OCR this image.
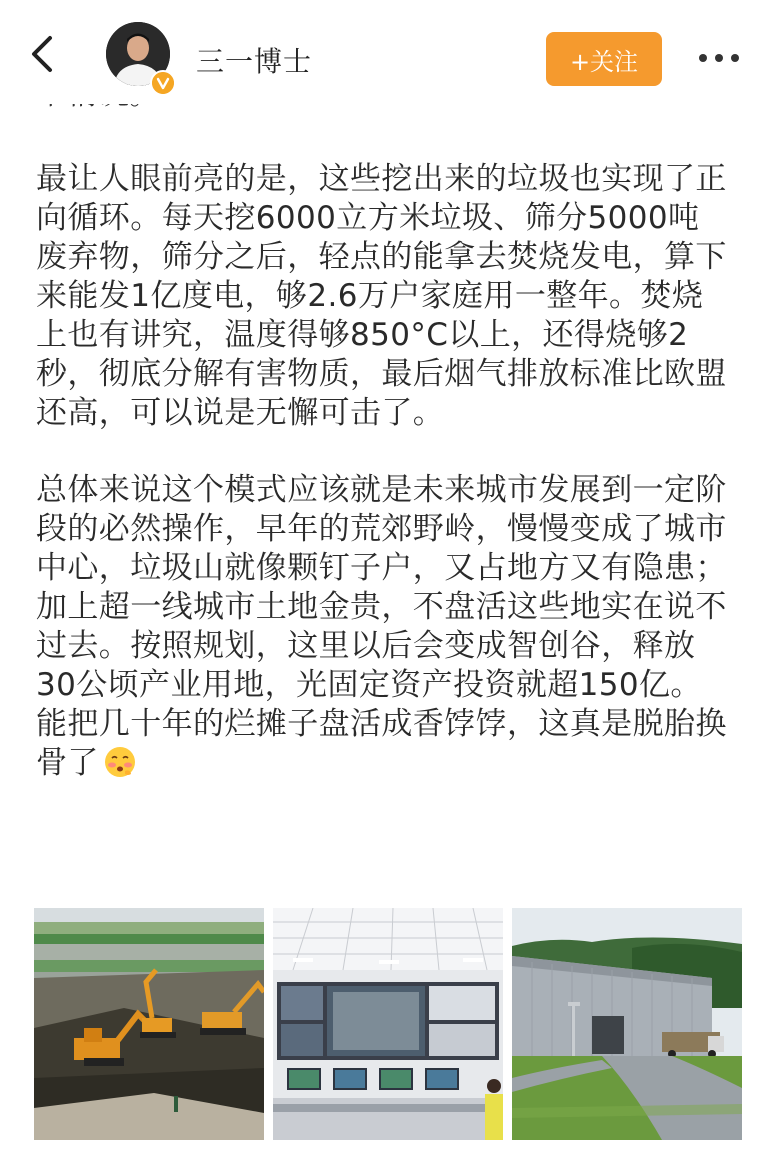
三一博士	+关注

最让人眼前亮的是，这些挖出来的垃圾也实现了正
向循环。每天挖6000立方米垃圾、筛分5000吨
废弃物，筛分之后，轻点的能拿去焚烧发电，算下
来能发1亿度电，够2.6万户家庭用一整年。焚烧
上也有讲究，温度得够850°C以上，还得烧够2
秒，彻底分解有害物质，最后烟气排放标准比欧盟
还高，可以说是无懈可击了。

总体来说这个模式应该就是未来城市发展到一定阶
段的必然操作，早年的荒郊野岭，慢慢变成了城市
中心，垃圾山就像颗钉子户，又占地方又有隐患；
加上超一线城市土地金贵，不盘活这些地实在说不
过去。按照规划，这里以后会变成智创谷，释放
30公顷产业用地，光固定资产投资就超150亿。
能把几十年的烂摊子盘活成香饽饽，这真是脱胎换
骨了
